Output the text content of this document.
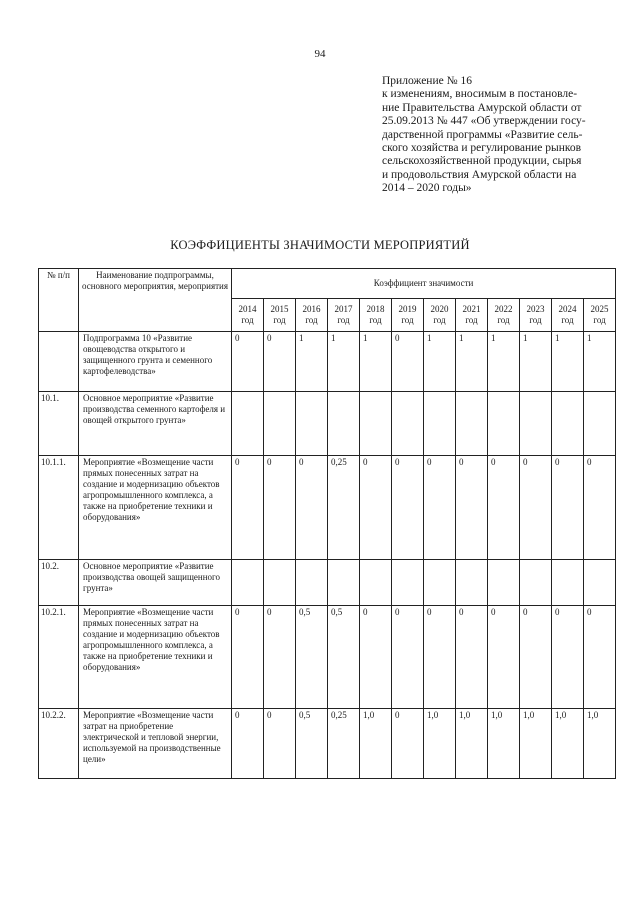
94
Приложение № 16
к изменениям, вносимым в постановле-
ние Правительства Амурской области от
25.09.2013 № 447 «Об утверждении госу-
дарственной программы «Развитие сель-
ского хозяйства и регулирование рынков
сельскохозяйственной продукции, сырья
и продовольствия Амурской области на
2014 – 2020 годы»
КОЭФФИЦИЕНТЫ ЗНАЧИМОСТИ МЕРОПРИЯТИЙ
№ п/п	Наименование подпрограммы, основного мероприятия, мероприятия	Коэффициент значимости											
		2014 год	2015 год	2016 год	2017 год	2018 год	2019 год	2020 год	2021 год	2022 год	2023 год	2024 год	2025 год
	Подпрограмма 10 «Развитие овощеводства открытого и защищенного грунта и семенного картофелеводства»	0	0	1	1	1	0	1	1	1	1	1	1
10.1.	Основное мероприятие «Развитие производства семенного картофеля и овощей открытого грунта»												
10.1.1.	Мероприятие «Возмещение части прямых понесенных затрат на создание и модернизацию объектов агропромышленного комплекса, а также на приобретение техники и оборудования»	0	0	0	0,25	0	0	0	0	0	0	0	0
10.2.	Основное мероприятие «Развитие производства овощей защищенного грунта»												
10.2.1.	Мероприятие «Возмещение части прямых понесенных затрат на создание и модернизацию объектов агропромышленного комплекса, а также на приобретение техники и оборудования»	0	0	0,5	0,5	0	0	0	0	0	0	0	0
10.2.2.	Мероприятие «Возмещение части затрат на приобретение электрической и тепловой энергии, используемой на производственные цели»	0	0	0,5	0,25	1,0	0	1,0	1,0	1,0	1,0	1,0	1,0
